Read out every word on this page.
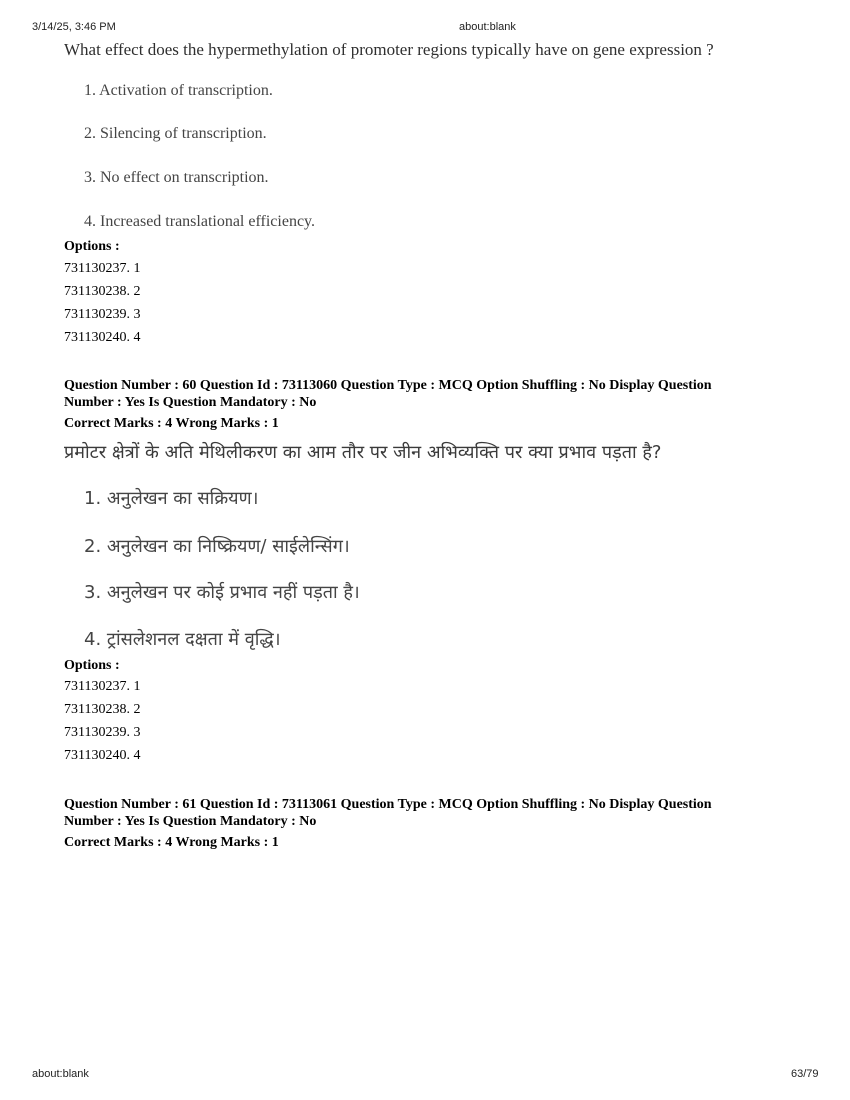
3/14/25, 3:46 PM	about:blank
What effect does the hypermethylation of promoter regions typically have on gene expression ?
1. Activation of transcription.
2. Silencing of transcription.
3. No effect on transcription.
4. Increased translational efficiency.
Options :
731130237. 1
731130238. 2
731130239. 3
731130240. 4
Question Number : 60 Question Id : 73113060 Question Type : MCQ Option Shuffling : No Display Question
Number : Yes Is Question Mandatory : No
Correct Marks : 4 Wrong Marks : 1
प्रमोटर क्षेत्रों के अति मेथिलीकरण का आम तौर पर जीन अभिव्यक्ति पर क्या प्रभाव पड़ता है?
1. अनुलेखन का सक्रियण।
2. अनुलेखन का निष्क्रियण/ साईलेन्सिंग।
3. अनुलेखन पर कोई प्रभाव नहीं पड़ता है।
4. ट्रांसलेशनल दक्षता में वृद्धि।
Options :
731130237. 1
731130238. 2
731130239. 3
731130240. 4
Question Number : 61 Question Id : 73113061 Question Type : MCQ Option Shuffling : No Display Question
Number : Yes Is Question Mandatory : No
Correct Marks : 4 Wrong Marks : 1
about:blank	63/79
